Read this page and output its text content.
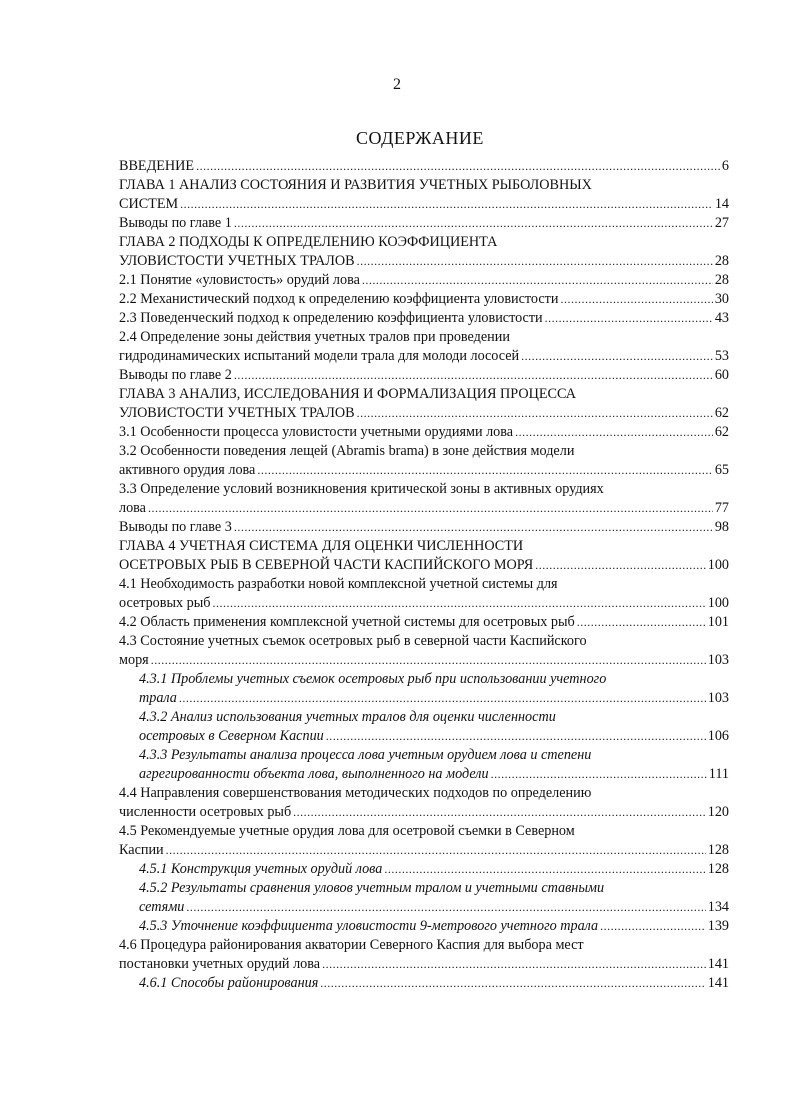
2
СОДЕРЖАНИЕ
ВВЕДЕНИЕ .....	6
ГЛАВА 1 АНАЛИЗ СОСТОЯНИЯ И РАЗВИТИЯ УЧЕТНЫХ РЫБОЛОВНЫХ
СИСТЕМ .....	14
Выводы по главе 1 .....	27
ГЛАВА 2 ПОДХОДЫ К ОПРЕДЕЛЕНИЮ КОЭФФИЦИЕНТА
УЛОВИСТОСТИ УЧЕТНЫХ ТРАЛОВ .....	28
2.1 Понятие «уловистость» орудий лова .....	28
2.2 Механистический подход к определению коэффициента уловистости .....	30
2.3 Поведенческий подход к определению коэффициента уловистости .....	43
2.4 Определение зоны действия учетных тралов при проведении
гидродинамических испытаний модели трала для молоди лососей .....	53
Выводы по главе 2 .....	60
ГЛАВА 3 АНАЛИЗ, ИССЛЕДОВАНИЯ И ФОРМАЛИЗАЦИЯ ПРОЦЕССА
УЛОВИСТОСТИ УЧЕТНЫХ ТРАЛОВ .....	62
3.1 Особенности процесса уловистости учетными орудиями лова .....	62
3.2 Особенности поведения лещей (Abramis brama) в зоне действия модели
активного орудия лова .....	65
3.3 Определение условий возникновения критической зоны в активных орудиях
лова .....	77
Выводы по главе 3 .....	98
ГЛАВА 4 УЧЕТНАЯ СИСТЕМА ДЛЯ ОЦЕНКИ ЧИСЛЕННОСТИ
ОСЕТРОВЫХ РЫБ В СЕВЕРНОЙ ЧАСТИ КАСПИЙСКОГО МОРЯ .....	100
4.1 Необходимость разработки новой комплексной учетной системы для
осетровых рыб .....	100
4.2 Область применения комплексной учетной системы для осетровых рыб .....	101
4.3 Состояние учетных съемок осетровых рыб в северной части Каспийского
моря .....	103
4.3.1 Проблемы учетных съемок осетровых рыб при использовании учетного
трала .....	103
4.3.2 Анализ использования учетных тралов для оценки численности
осетровых в Северном Каспии .....	106
4.3.3 Результаты анализа процесса лова учетным орудием лова и степени
агрегированности объекта лова, выполненного на модели .....	111
4.4 Направления совершенствования методических подходов по определению
численности осетровых рыб .....	120
4.5 Рекомендуемые учетные орудия лова для осетровой съемки в Северном
Каспии .....	128
4.5.1 Конструкция учетных орудий лова .....	128
4.5.2 Результаты сравнения уловов учетным тралом и учетными ставными
сетями .....	134
4.5.3 Уточнение коэффициента уловистости 9-метрового учетного трала .....	139
4.6 Процедура районирования акватории Северного Каспия для выбора мест
постановки учетных орудий лова .....	141
4.6.1 Способы районирования .....	141
